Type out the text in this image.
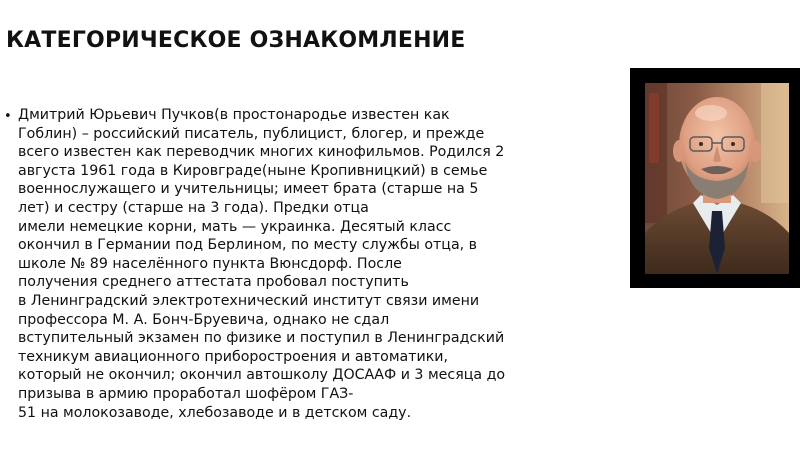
КАТЕГОРИЧЕСКОЕ ОЗНАКОМЛЕНИЕ
• Дмитрий Юрьевич Пучков(в простонародье известен как
Гоблин) – российский писатель, публицист, блогер, и прежде
всего известен как переводчик многих кинофильмов. Родился 2
августа 1961 года в Кировграде(ныне Кропивницкий) в семье
военнослужащего и учительницы; имеет брата (старше на 5
лет) и сестру (старше на 3 года). Предки отца
имели немецкие корни, мать — украинка. Десятый класс
окончил в Германии под Берлином, по месту службы отца, в
школе № 89 населённого пункта Вюнсдорф. После
получения среднего аттестата пробовал поступить
в Ленинградский электротехнический институт связи имени
профессора М. А. Бонч-Бруевича, однако не сдал
вступительный экзамен по физике и поступил в Ленинградский
техникум авиационного приборостроения и автоматики,
который не окончил; окончил автошколу ДОСААФ и 3 месяца до
призыва в армию проработал шофёром ГАЗ-
51 на молокозаводе, хлебозаводе и в детском саду.
